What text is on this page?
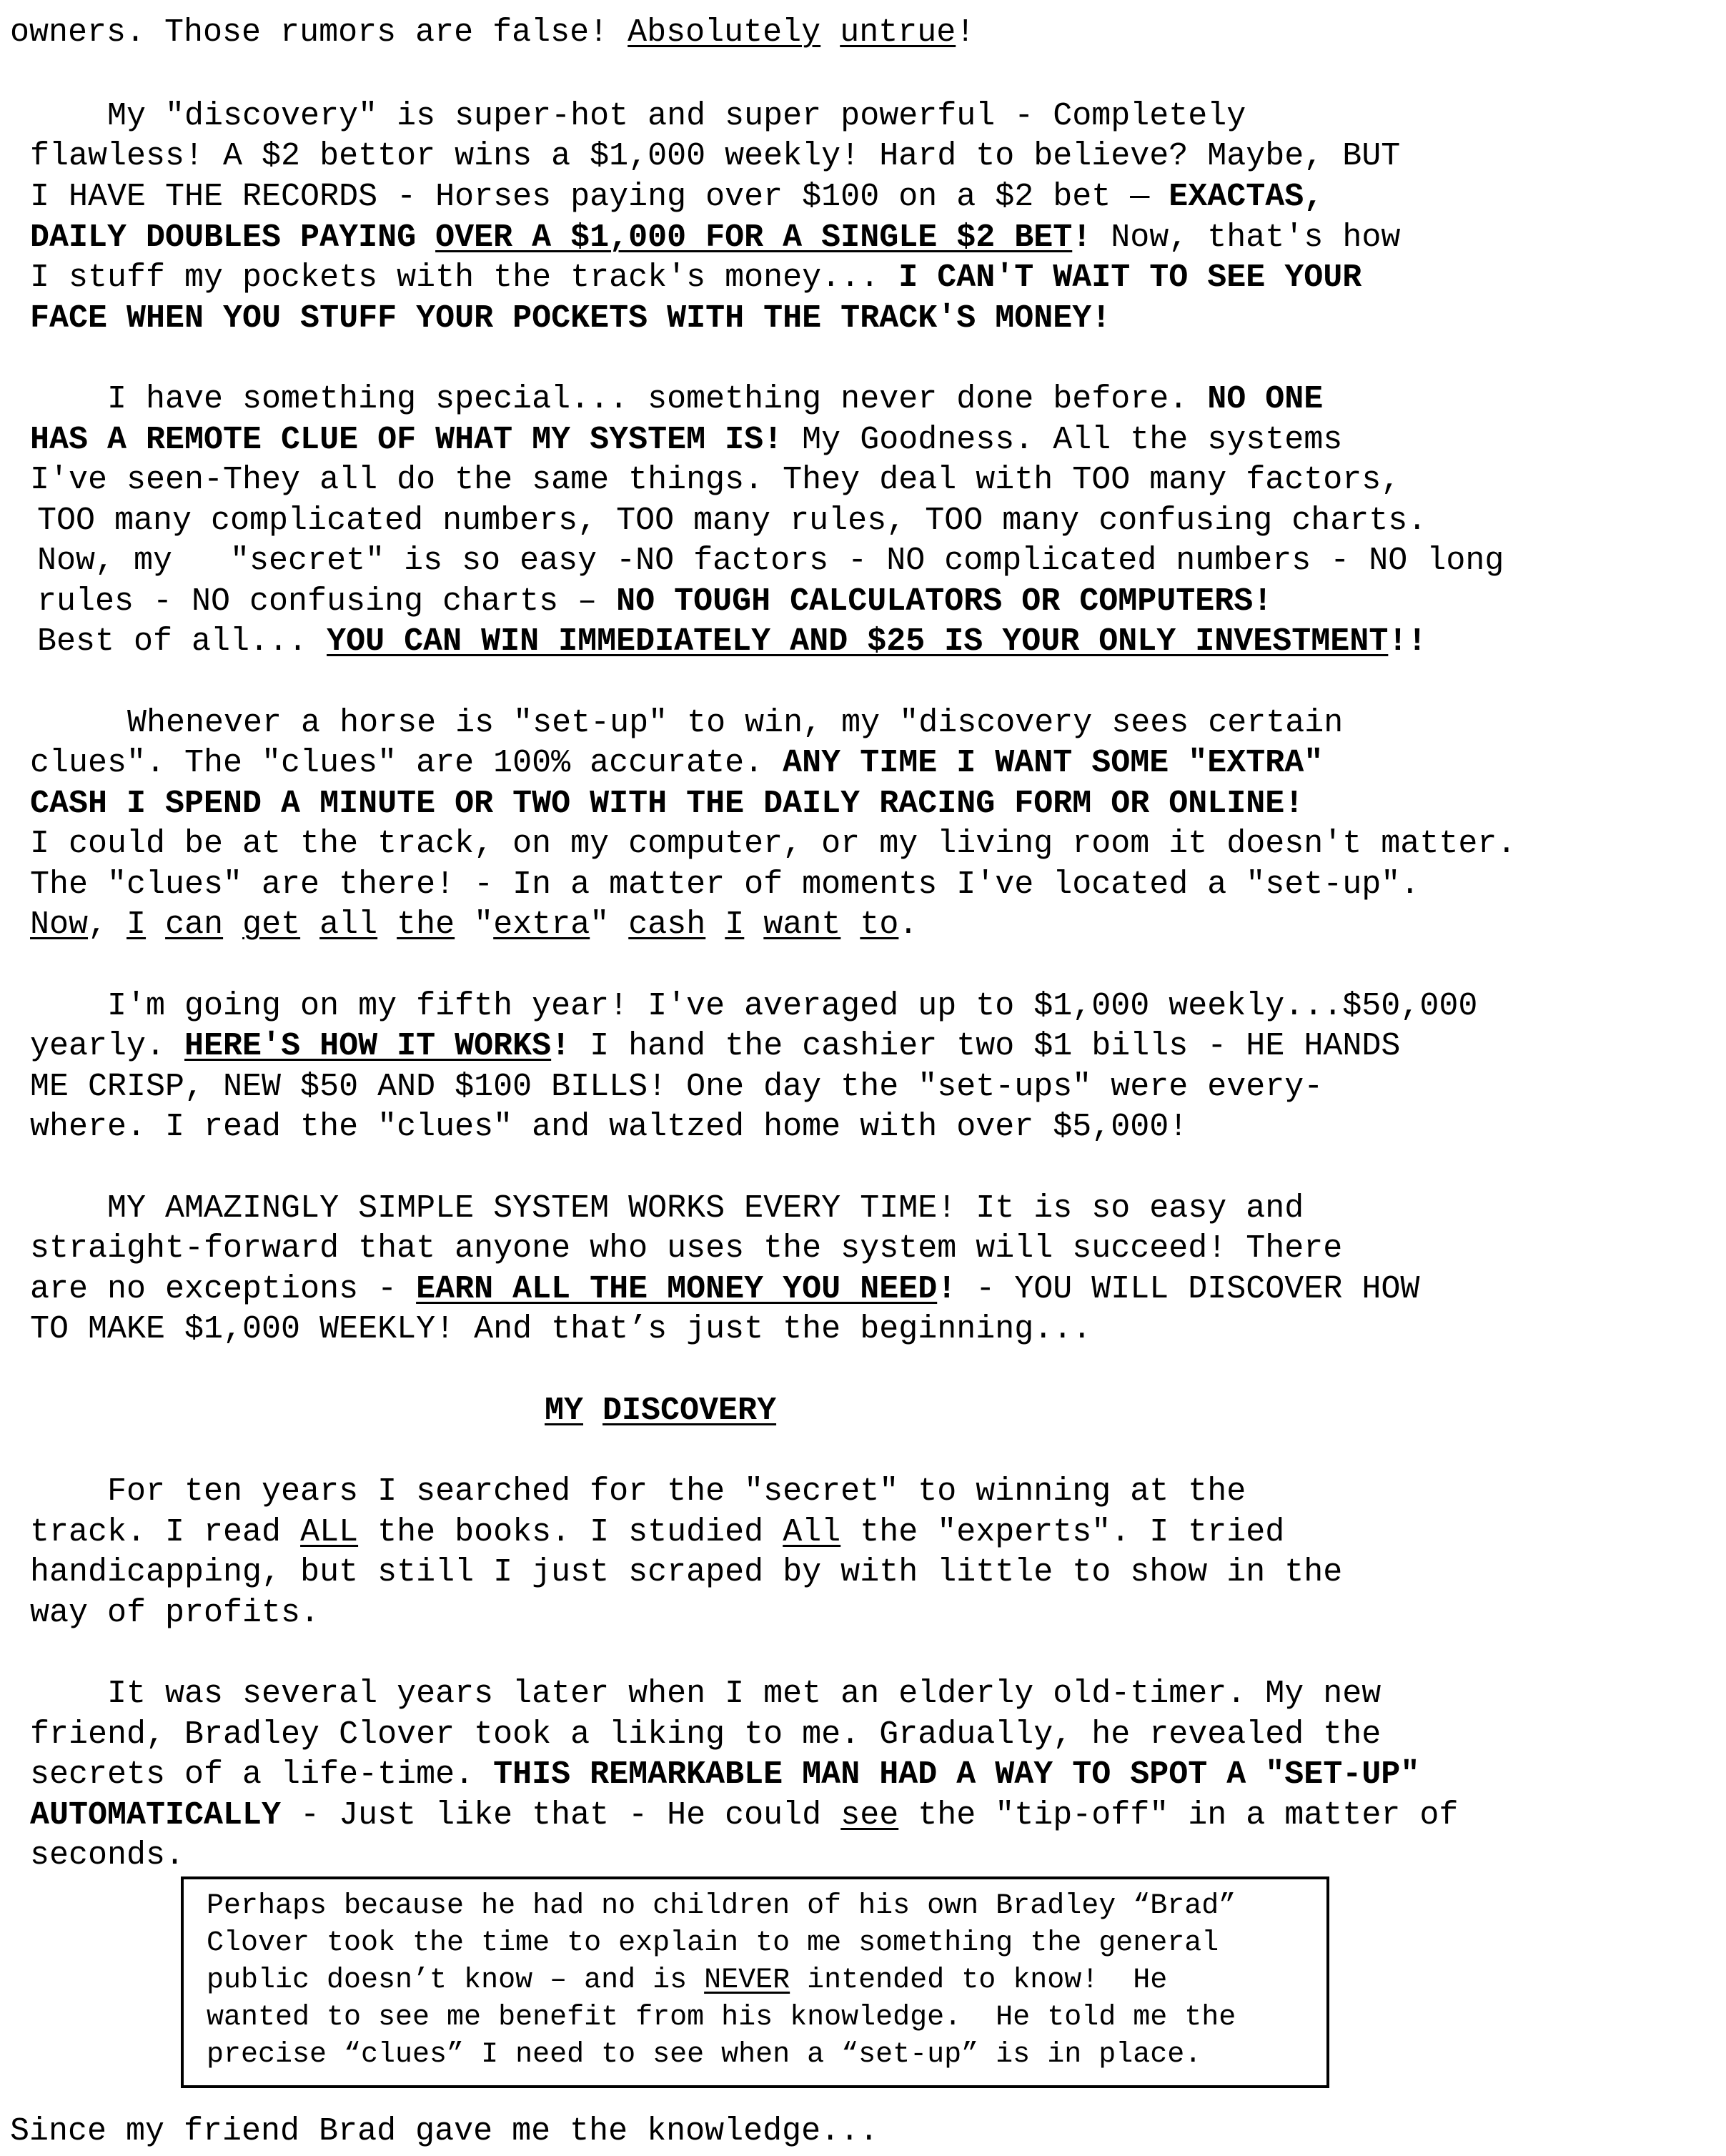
owners. Those rumors are false! Absolutely untrue!
My "discovery" is super-hot and super powerful - Completely
flawless! A $2 bettor wins a $1,000 weekly! Hard to believe? Maybe, BUT
I HAVE THE RECORDS - Horses paying over $100 on a $2 bet — EXACTAS,
DAILY DOUBLES PAYING OVER A $1,000 FOR A SINGLE $2 BET! Now, that's how
I stuff my pockets with the track's money... I CAN'T WAIT TO SEE YOUR
FACE WHEN YOU STUFF YOUR POCKETS WITH THE TRACK'S MONEY!
I have something special... something never done before. NO ONE
HAS A REMOTE CLUE OF WHAT MY SYSTEM IS! My Goodness. All the systems
I've seen-They all do the same things. They deal with TOO many factors,
TOO many complicated numbers, TOO many rules, TOO many confusing charts.
Now, my   "secret" is so easy -NO factors - NO complicated numbers - NO long
rules - NO confusing charts – NO TOUGH CALCULATORS OR COMPUTERS!
Best of all... YOU CAN WIN IMMEDIATELY AND $25 IS YOUR ONLY INVESTMENT!!
Whenever a horse is "set-up" to win, my "discovery sees certain
clues". The "clues" are 100% accurate. ANY TIME I WANT SOME "EXTRA"
CASH I SPEND A MINUTE OR TWO WITH THE DAILY RACING FORM OR ONLINE!
I could be at the track, on my computer, or my living room it doesn't matter.
The "clues" are there! - In a matter of moments I've located a "set-up".
Now, I can get all the "extra" cash I want to.
I'm going on my fifth year! I've averaged up to $1,000 weekly...$50,000
yearly. HERE'S HOW IT WORKS! I hand the cashier two $1 bills - HE HANDS
ME CRISP, NEW $50 AND $100 BILLS! One day the "set-ups" were every-
where. I read the "clues" and waltzed home with over $5,000!
MY AMAZINGLY SIMPLE SYSTEM WORKS EVERY TIME! It is so easy and
straight-forward that anyone who uses the system will succeed! There
are no exceptions - EARN ALL THE MONEY YOU NEED! - YOU WILL DISCOVER HOW
TO MAKE $1,000 WEEKLY! And that’s just the beginning...
MY DISCOVERY
For ten years I searched for the "secret" to winning at the
track. I read ALL the books. I studied All the "experts". I tried
handicapping, but still I just scraped by with little to show in the
way of profits.
It was several years later when I met an elderly old-timer. My new
friend, Bradley Clover took a liking to me. Gradually, he revealed the
secrets of a life-time. THIS REMARKABLE MAN HAD A WAY TO SPOT A "SET-UP"
AUTOMATICALLY - Just like that - He could see the "tip-off" in a matter of
seconds.
Perhaps because he had no children of his own Bradley “Brad”
Clover took the time to explain to me something the general
public doesn’t know – and is NEVER intended to know!  He
wanted to see me benefit from his knowledge.  He told me the
precise “clues” I need to see when a “set-up” is in place.
Since my friend Brad gave me the knowledge...
